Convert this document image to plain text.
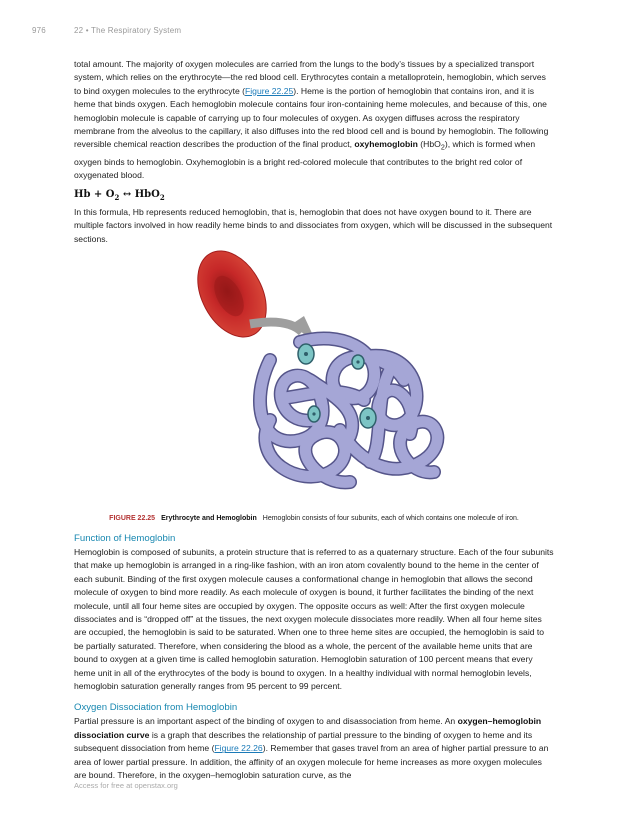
976	22 • The Respiratory System

total amount. The majority of oxygen molecules are carried from the lungs to the body’s tissues by a specialized transport system, which relies on the erythrocyte—the red blood cell. Erythrocytes contain a metalloprotein, hemoglobin, which serves to bind oxygen molecules to the erythrocyte (Figure 22.25). Heme is the portion of hemoglobin that contains iron, and it is heme that binds oxygen. Each hemoglobin molecule contains four iron-containing heme molecules, and because of this, one hemoglobin molecule is capable of carrying up to four molecules of oxygen. As oxygen diffuses across the respiratory membrane from the alveolus to the capillary, it also diffuses into the red blood cell and is bound by hemoglobin. The following reversible chemical reaction describes the production of the final product, oxyhemoglobin (HbO$_2$), which is formed when oxygen binds to hemoglobin. Oxyhemoglobin is a bright red-colored molecule that contributes to the bright red color of oxygenated blood.

$Hb + O_2$ ↔ HbO$_2$

In this formula, Hb represents reduced hemoglobin, that is, hemoglobin that does not have oxygen bound to it. There are multiple factors involved in how readily heme binds to and dissociates from oxygen, which will be discussed in the subsequent sections.

FIGURE 22.25 Erythrocyte and Hemoglobin Hemoglobin consists of four subunits, each of which contains one molecule of iron.
Function of Hemoglobin

Hemoglobin is composed of subunits, a protein structure that is referred to as a quaternary structure. Each of the four subunits that make up hemoglobin is arranged in a ring-like fashion, with an iron atom covalently bound to the heme in the center of each subunit. Binding of the first oxygen molecule causes a conformational change in hemoglobin that allows the second molecule of oxygen to bind more readily. As each molecule of oxygen is bound, it further facilitates the binding of the next molecule, until all four heme sites are occupied by oxygen. The opposite occurs as well: After the first oxygen molecule dissociates and is “dropped off” at the tissues, the next oxygen molecule dissociates more readily. When all four heme sites are occupied, the hemoglobin is said to be saturated. When one to three heme sites are occupied, the hemoglobin is said to be partially saturated. Therefore, when considering the blood as a whole, the percent of the available heme units that are bound to oxygen at a given time is called hemoglobin saturation. Hemoglobin saturation of 100 percent means that every heme unit in all of the erythrocytes of the body is bound to oxygen. In a healthy individual with normal hemoglobin levels, hemoglobin saturation generally ranges from 95 percent to 99 percent.

Oxygen Dissociation from Hemoglobin

Partial pressure is an important aspect of the binding of oxygen to and disassociation from heme. An oxygen–hemoglobin dissociation curve is a graph that describes the relationship of partial pressure to the binding of oxygen to heme and its subsequent dissociation from heme (Figure 22.26). Remember that gases travel from an area of higher partial pressure to an area of lower partial pressure. In addition, the affinity of an oxygen molecule for heme increases as more oxygen molecules are bound. Therefore, in the oxygen–hemoglobin saturation curve, as the

Access for free at openstax.org
